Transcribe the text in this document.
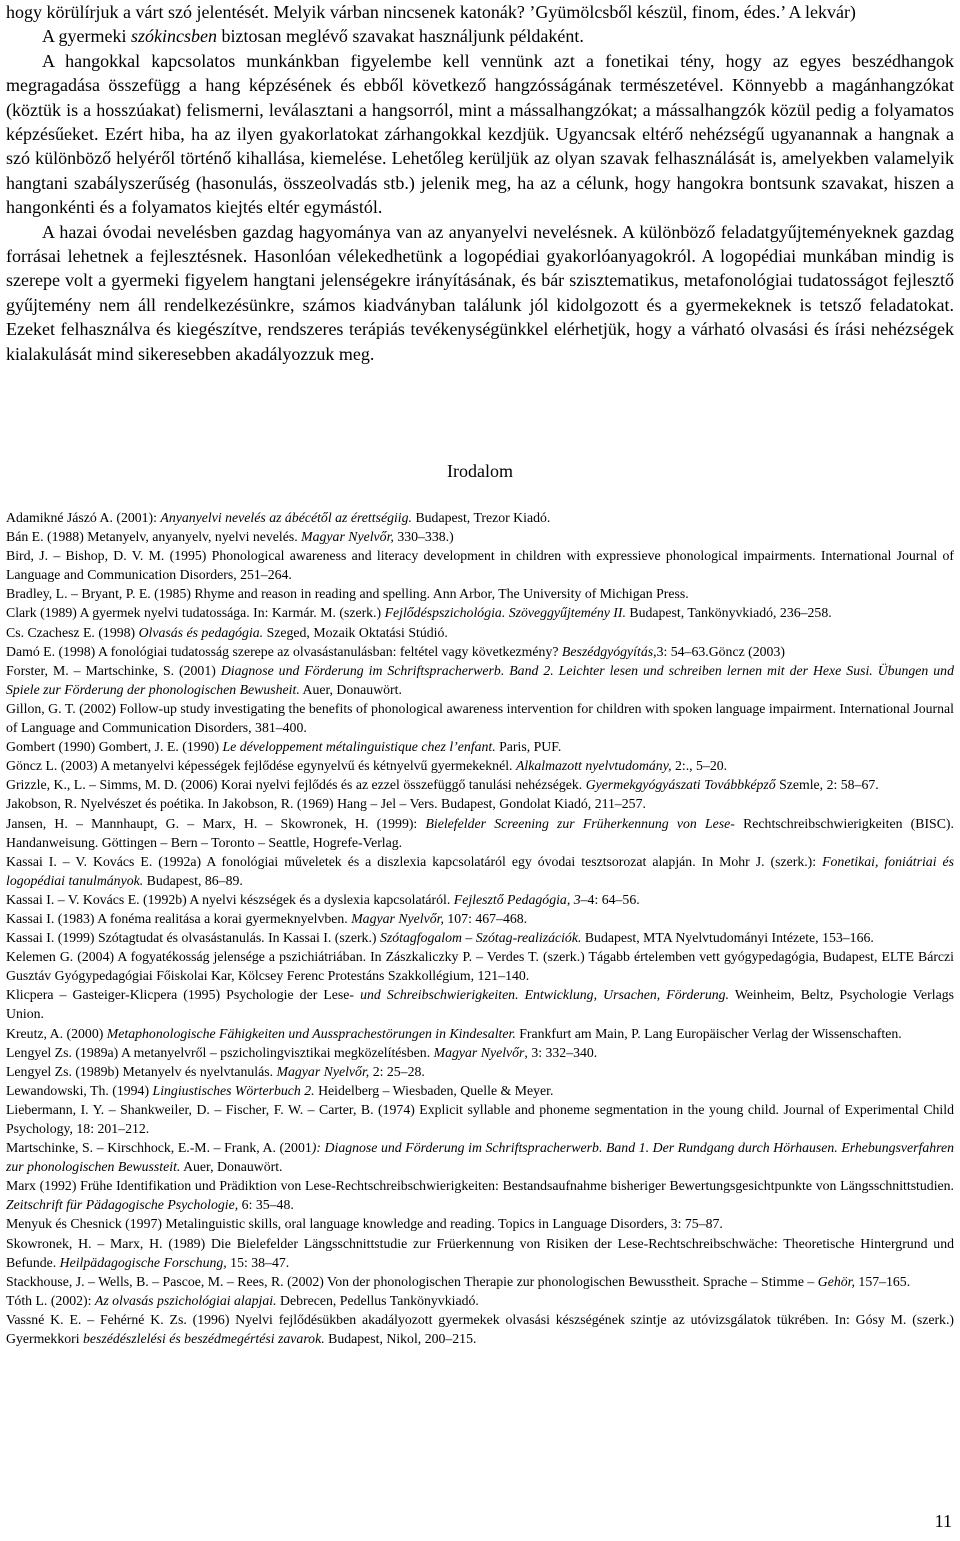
hogy körülírjuk a várt szó jelentését. Melyik várban nincsenek katonák? ’Gyümölcsből készül, finom, édes.’ A lekvár)

A gyermeki szókincsben biztosan meglévő szavakat használjunk példaként.

A hangokkal kapcsolatos munkánkban figyelembe kell vennünk azt a fonetikai tény, hogy az egyes beszédhangok megragadása összefügg a hang képzésének és ebből következő hangzósságának természetével. Könnyebb a magánhangzókat (köztük is a hosszúakat) felismerni, leválasztani a hangsorról, mint a mássalhangzókat; a mássalhangzók közül pedig a folyamatos képzésűeket. Ezért hiba, ha az ilyen gyakorlatokat zárhangokkal kezdjük. Ugyancsak eltérő nehézségű ugyanannak a hangnak a szó különböző helyéről történő kihallása, kiemelése. Lehetőleg kerüljük az olyan szavak felhasználását is, amelyekben valamelyik hangtani szabályszerűség (hasonulás, összeolvadás stb.) jelenik meg, ha az a célunk, hogy hangokra bontsunk szavakat, hiszen a hangonkénti és a folyamatos kiejtés eltér egymástól.

A hazai óvodai nevelésben gazdag hagyománya van az anyanyelvi nevelésnek. A különböző feladatgyűjteményeknek gazdag forrásai lehetnek a fejlesztésnek. Hasonlóan vélekedhetünk a logopédiai gyakorlóanyagokról. A logopédiai munkában mindig is szerepe volt a gyermeki figyelem hangtani jelenségekre irányításának, és bár szisztematikus, metafonológiai tudatosságot fejlesztő gyűjtemény nem áll rendelkezésünkre, számos kiadványban találunk jól kidolgozott és a gyermekeknek is tetsző feladatokat. Ezeket felhasználva és kiegészítve, rendszeres terápiás tevékenységünkkel elérhetjük, hogy a várható olvasási és írási nehézségek kialakulását mind sikeresebben akadályozzuk meg.

Irodalom
Adamikné Jászó A. (2001): Anyanyelvi nevelés az ábécétől az érettségiig. Budapest, Trezor Kiadó.
Bán E. (1988) Metanyelv, anyanyelv, nyelvi nevelés. Magyar Nyelvőr, 330–338.)
Bird, J. – Bishop, D. V. M. (1995) Phonological awareness and literacy development in children with expressieve phonological impairments. International Journal of Language and Communication Disorders, 251–264.
Bradley, L. – Bryant, P. E. (1985) Rhyme and reason in reading and spelling. Ann Arbor, The University of Michigan Press.
Clark (1989) A gyermek nyelvi tudatossága. In: Karmár. M. (szerk.) Fejlődéspszichológia. Szöveggyűjtemény II. Budapest, Tankönyvkiadó, 236–258.
Cs. Czachesz E. (1998) Olvasás és pedagógia. Szeged, Mozaik Oktatási Stúdió.
Damó E. (1998) A fonológiai tudatosság szerepe az olvasástanulásban: feltétel vagy következmény? Beszédgyógyítás,3: 54–63.Göncz (2003)
Forster, M. – Martschinke, S. (2001) Diagnose und Förderung im Schriftspracherwerb. Band 2. Leichter lesen und schreiben lernen mit der Hexe Susi. Übungen und Spiele zur Förderung der phonologischen Bewusheit. Auer, Donauwört.
Gillon, G. T. (2002) Follow-up study investigating the benefits of phonological awareness intervention for children with spoken language impairment. International Journal of Language and Communication Disorders, 381–400.
Gombert (1990) Gombert, J. E. (1990) Le développement métalinguistique chez l’enfant. Paris, PUF.
Göncz L. (2003) A metanyelvi képességek fejlődése egynyelvű és kétnyelvű gyermekeknél. Alkalmazott nyelvtudomány, 2:., 5–20.
Grizzle, K., L. – Simms, M. D. (2006) Korai nyelvi fejlődés és az ezzel összefüggő tanulási nehézségek. Gyermekgyógyászati Továbbképző Szemle, 2: 58–67.
Jakobson, R. Nyelvészet és poétika. In Jakobson, R. (1969) Hang – Jel – Vers. Budapest, Gondolat Kiadó, 211–257.
Jansen, H. – Mannhaupt, G. – Marx, H. – Skowronek, H. (1999): Bielefelder Screening zur Früherkennung von Lese- Rechtschreibschwierigkeiten (BISC). Handanweisung. Göttingen – Bern – Toronto – Seattle, Hogrefe-Verlag.
Kassai I. – V. Kovács E. (1992a) A fonológiai műveletek és a diszlexia kapcsolatáról egy óvodai tesztsorozat alapján. In Mohr J. (szerk.): Fonetikai, foniátriai és logopédiai tanulmányok. Budapest, 86–89.
Kassai I. – V. Kovács E. (1992b) A nyelvi készségek és a dyslexia kapcsolatáról. Fejlesztő Pedagógia, 3–4: 64–56.
Kassai I. (1983) A fonéma realitása a korai gyermeknyelvben. Magyar Nyelvőr, 107: 467–468.
Kassai I. (1999) Szótagtudat és olvasástanulás. In Kassai I. (szerk.) Szótagfogalom – Szótag-realizációk. Budapest, MTA Nyelvtudományi Intézete, 153–166.
Kelemen G. (2004) A fogyatékosság jelensége a pszichiátriában. In Zászkaliczky P. – Verdes T. (szerk.) Tágabb értelemben vett gyógypedagógia, Budapest, ELTE Bárczi Gusztáv Gyógypedagógiai Főiskolai Kar, Kölcsey Ferenc Protestáns Szakkollégium, 121–140.
Klicpera – Gasteiger-Klicpera (1995) Psychologie der Lese- und Schreibschwierigkeiten. Entwicklung, Ursachen, Förderung. Weinheim, Beltz, Psychologie Verlags Union.
Kreutz, A. (2000) Metaphonologische Fähigkeiten und Aussprachestörungen in Kindesalter. Frankfurt am Main, P. Lang Europäischer Verlag der Wissenschaften.
Lengyel Zs. (1989a) A metanyelvről – pszicholingvisztikai megközelítésben. Magyar Nyelvőr, 3: 332–340.
Lengyel Zs. (1989b) Metanyelv és nyelvtanulás. Magyar Nyelvőr, 2: 25–28.
Lewandowski, Th. (1994) Lingiustisches Wörterbuch 2. Heidelberg – Wiesbaden, Quelle & Meyer.
Liebermann, I. Y. – Shankweiler, D. – Fischer, F. W. – Carter, B. (1974) Explicit syllable and phoneme segmentation in the young child. Journal of Experimental Child Psychology, 18: 201–212.
Martschinke, S. – Kirschhock, E.-M. – Frank, A. (2001): Diagnose und Förderung im Schriftspracherwerb. Band 1. Der Rundgang durch Hörhausen. Erhebungsverfahren zur phonologischen Bewussteit. Auer, Donauwört.
Marx (1992) Frühe Identifikation und Prädiktion von Lese-Rechtschreibschwierigkeiten: Bestandsaufnahme bisheriger Bewertungsgesichtpunkte von Längsschnittstudien. Zeitschrift für Pädagogische Psychologie, 6: 35–48.
Menyuk és Chesnick (1997) Metalinguistic skills, oral language knowledge and reading. Topics in Language Disorders, 3: 75–87.
Skowronek, H. – Marx, H. (1989) Die Bielefelder Längsschnittstudie zur Früerkennung von Risiken der Lese-Rechtschreibschwäche: Theoretische Hintergrund und Befunde. Heilpädagogische Forschung, 15: 38–47.
Stackhouse, J. – Wells, B. – Pascoe, M. – Rees, R. (2002) Von der phonologischen Therapie zur phonologischen Bewusstheit. Sprache – Stimme – Gehör, 157–165.
Tóth L. (2002): Az olvasás pszichológiai alapjai. Debrecen, Pedellus Tankönyvkiadó.
Vassné K. E. – Fehérné K. Zs. (1996) Nyelvi fejlődésükben akadályozott gyermekek olvasási készségének szintje az utóvizsgálatok tükrében. In: Gósy M. (szerk.) Gyermekkori beszédészlelési és beszédmegértési zavarok. Budapest, Nikol, 200–215.
11
